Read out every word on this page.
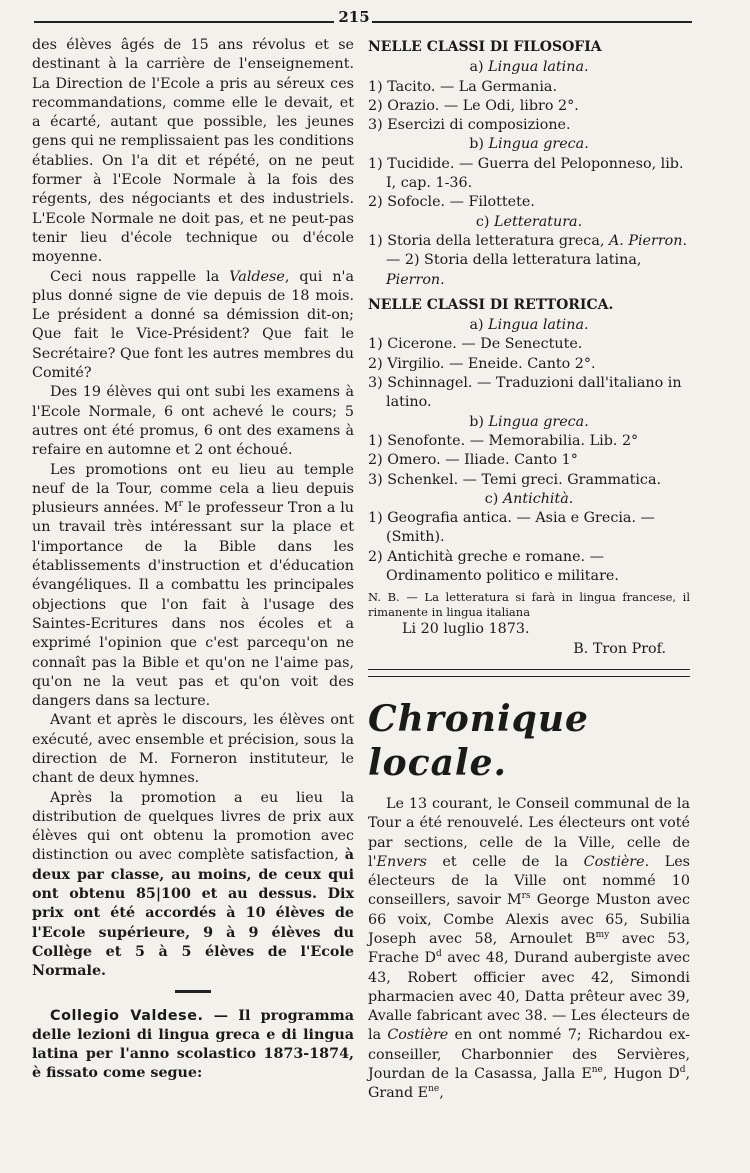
215

des élèves âgés de 15 ans révolus et se destinant à la carrière de l'enseignement. La Direction de l'Ecole a pris au séreux ces recommandations, comme elle le devait, et a écarté, autant que possible, les jeunes gens qui ne remplissaient pas les conditions établies. On l'a dit et répété, on ne peut former à l'Ecole Normale à la fois des régents, des négociants et des industriels. L'Ecole Normale ne doit pas, et ne peut-pas tenir lieu d'école technique ou d'école moyenne.

Ceci nous rappelle la Valdese, qui n'a plus donné signe de vie depuis de 18 mois. Le président a donné sa démission dit-on; Que fait le Vice-Président? Que fait le Secrétaire? Que font les autres membres du Comité?

Des 19 élèves qui ont subi les examens à l'Ecole Normale, 6 ont achevé le cours; 5 autres ont été promus, 6 ont des examens à refaire en automne et 2 ont échoué.

Les promotions ont eu lieu au temple neuf de la Tour, comme cela a lieu depuis plusieurs années. $M^r$ le professeur Tron a lu un travail très intéressant sur la place et l'importance de la Bible dans les établissements d'instruction et d'éducation évangéliques. Il a combattu les principales objections que l'on fait à l'usage des Saintes-Ecritures dans nos écoles et a exprimé l'opinion que c'est parcequ'on ne connaît pas la Bible et qu'on ne l'aime pas, qu'on ne la veut pas et qu'on voit des dangers dans sa lecture.

Avant et après le discours, les élèves ont exécuté, avec ensemble et précision, sous la direction de M. Forneron instituteur, le chant de deux hymnes.

Après la promotion a eu lieu la distribution de quelques livres de prix aux élèves qui ont obtenu la promotion avec distinction ou avec complète satisfaction, à deux par classe, au moins, de ceux qui ont obtenu 85|100 et au dessus. Dix prix ont été accordés à 10 élèves de l'Ecole supérieure, 9 à 9 élèves du Collège et 5 à 5 élèves de l'Ecole Normale.

Collegio Valdese. — Il programma delle lezioni di lingua greca e di lingua latina per l'anno scolastico 1873-1874, è fissato come segue:

NELLE CLASSI DI FILOSOFIA

a) Lingua latina.

1) Tacito. — La Germania.

2) Orazio. — Le Odi, libro 2°.

3) Esercizi di composizione.

b) Lingua greca.

1) Tucidide. — Guerra del Peloponneso, lib. I, cap. 1-36.

2) Sofocle. — Filottete.

c) Letteratura.

1) Storia della letteratura greca, A. Pierron. — 2) Storia della letteratura latina, Pierron.

NELLE CLASSI DI RETTORICA.

a) Lingua latina.

1) Cicerone. — De Senectute.

2) Virgilio. — Eneide. Canto 2°.

3) Schinnagel. — Traduzioni dall'italiano in latino.

b) Lingua greca.

1) Senofonte. — Memorabilia. Lib. 2°

2) Omero. — Iliade. Canto 1°

3) Schenkel. — Temi greci. Grammatica.

c) Antichità.

1) Geografia antica. — Asia e Grecia. — (Smith).

2) Antichità greche e romane. — Ordinamento politico e militare.

N. B. — La letteratura si farà in lingua francese, il rimanente in lingua italiana

Li 20 luglio 1873.

B. Tron Prof.

Chronique locale.

Le 13 courant, le Conseil communal de la Tour a été renouvelé. Les électeurs ont voté par sections, celle de la Ville, celle de l'Envers et celle de la Costière. Les électeurs de la Ville ont nommé 10 conseillers, savoir $M^{rs}$ George Muston avec 66 voix, Combe Alexis avec 65, Subilia Joseph avec 58, Arnoulet $B^{my}$ avec 53, Frache $D^d$ avec 48, Durand aubergiste avec 43, Robert officier avec 42, Simondi pharmacien avec 40, Datta prêteur avec 39, Avalle fabricant avec 38. — Les électeurs de la Costière en ont nommé 7; Richardou ex-conseiller, Charbonnier des Servières, Jourdan de la Casassa, Jalla $E^{ne}$, Hugon $D^d$, Grand $E^{ne}$,
